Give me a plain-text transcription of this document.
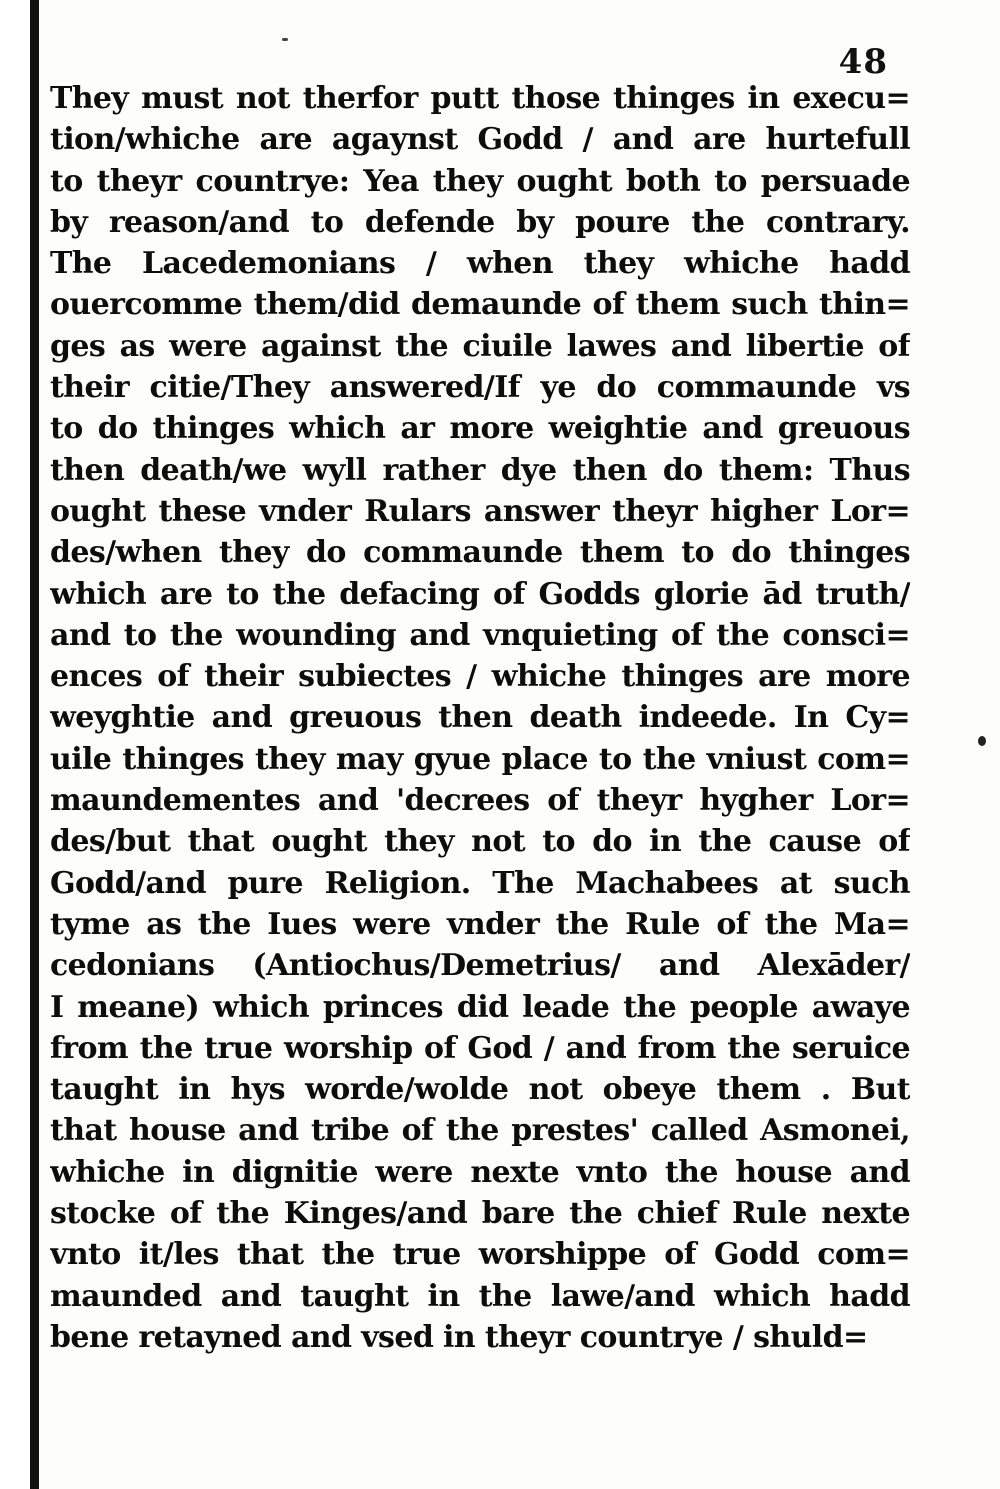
48
They must not therfor putt those thinges in execu=
tion/whiche are agaynst Godd / and are hurtefull
to theyr countrye: Yea they ought both to persuade
by reason/and to defende by poure the contrary.
The Lacedemonians / when they whiche hadd
ouercomme them/did demaunde of them such thin=
ges as were against the ciuile lawes and libertie of
their citie/They answered/If ye do commaunde vs
to do thinges which ar more weightie and greuous
then death/we wyll rather dye then do them: Thus
ought these vnder Rulars answer theyr higher Lor=
des/when they do commaunde them to do thinges
which are to the defacing of Godds glorie ād truth/
and to the wounding and vnquieting of the consci=
ences of their subiectes / whiche thinges are more
weyghtie and greuous then death indeede. In Cy=
uile thinges they may gyue place to the vniust com=
maundementes and 'decrees of theyr hygher Lor=
des/but that ought they not to do in the cause of
Godd/and pure Religion. The Machabees at such
tyme as the Iues were vnder the Rule of the Ma=
cedonians (Antiochus/Demetrius/ and Alexāder/
I meane) which princes did leade the people awaye
from the true worship of God / and from the seruice
taught in hys worde/wolde not obeye them . But
that house and tribe of the prestes' called Asmonei,
whiche in dignitie were nexte vnto the house and
stocke of the Kinges/and bare the chief Rule nexte
vnto it/les that the true worshippe of Godd com=
maunded and taught in the lawe/and which hadd
bene retayned and vsed in theyr countrye / shuld=
